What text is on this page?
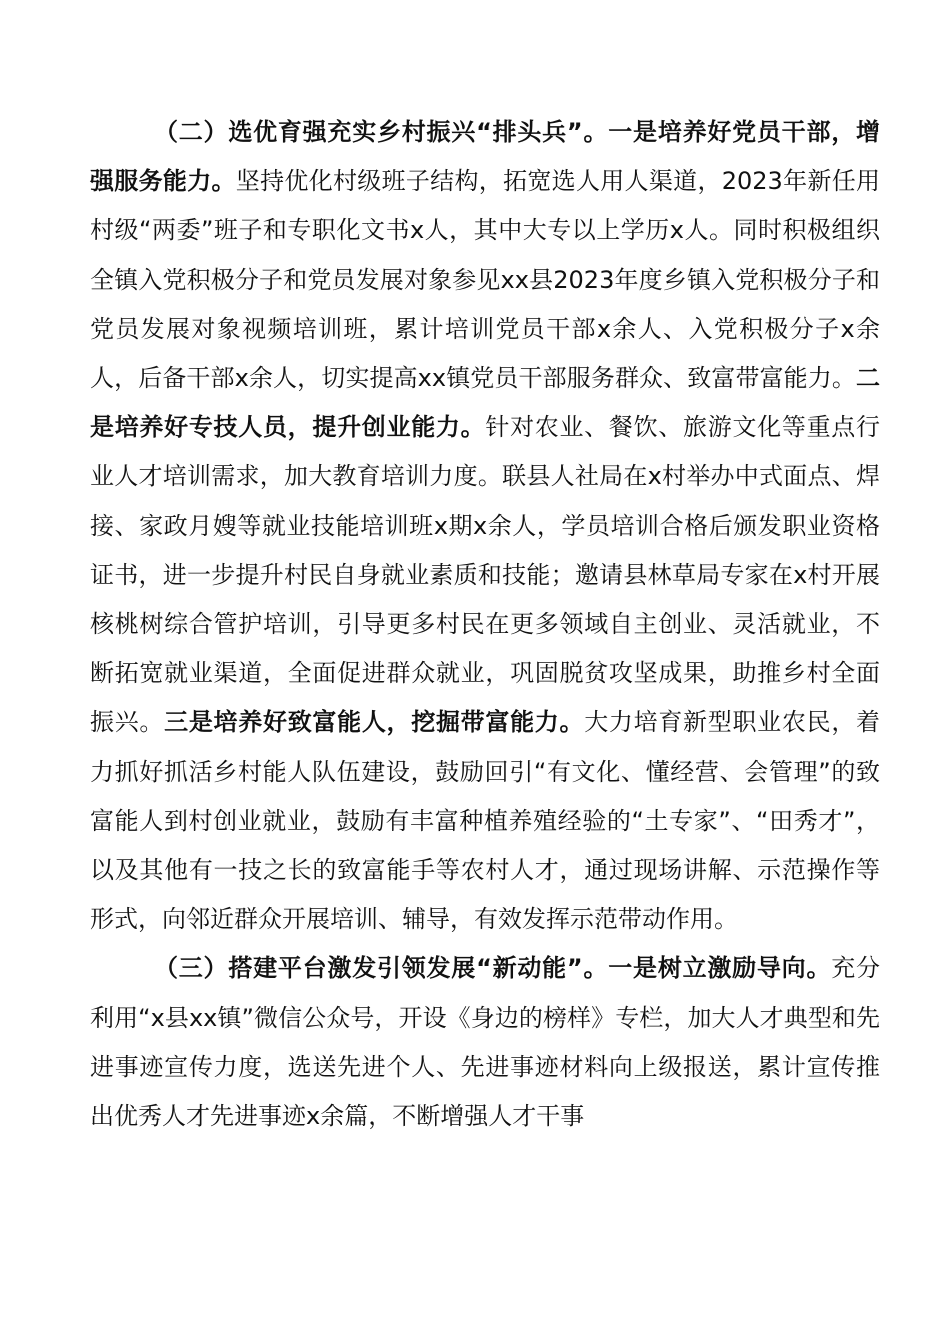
（二）选优育强充实乡村振兴“排头兵”。一是培养好党员干部，增强服务能力。坚持优化村级班子结构，拓宽选人用人渠道，2023年新任用村级“两委”班子和专职化文书x人，其中大专以上学历x人。同时积极组织全镇入党积极分子和党员发展对象参见xx县2023年度乡镇入党积极分子和党员发展对象视频培训班，累计培训党员干部x余人、入党积极分子x余人，后备干部x余人，切实提高xx镇党员干部服务群众、致富带富能力。二是培养好专技人员，提升创业能力。针对农业、餐饮、旅游文化等重点行业人才培训需求，加大教育培训力度。联县人社局在x村举办中式面点、焊接、家政月嫂等就业技能培训班x期x余人，学员培训合格后颁发职业资格证书，进一步提升村民自身就业素质和技能；邀请县林草局专家在x村开展核桃树综合管护培训，引导更多村民在更多领域自主创业、灵活就业，不断拓宽就业渠道，全面促进群众就业，巩固脱贫攻坚成果，助推乡村全面振兴。三是培养好致富能人，挖掘带富能力。大力培育新型职业农民，着力抓好抓活乡村能人队伍建设，鼓励回引“有文化、懂经营、会管理”的致富能人到村创业就业，鼓励有丰富种植养殖经验的“土专家”、“田秀才”，以及其他有一技之长的致富能手等农村人才，通过现场讲解、示范操作等形式，向邻近群众开展培训、辅导，有效发挥示范带动作用。

（三）搭建平台激发引领发展“新动能”。一是树立激励导向。充分利用“x县xx镇”微信公众号，开设《身边的榜样》专栏，加大人才典型和先进事迹宣传力度，选送先进个人、先进事迹材料向上级报送，累计宣传推出优秀人才先进事迹x余篇，不断增强人才干事
